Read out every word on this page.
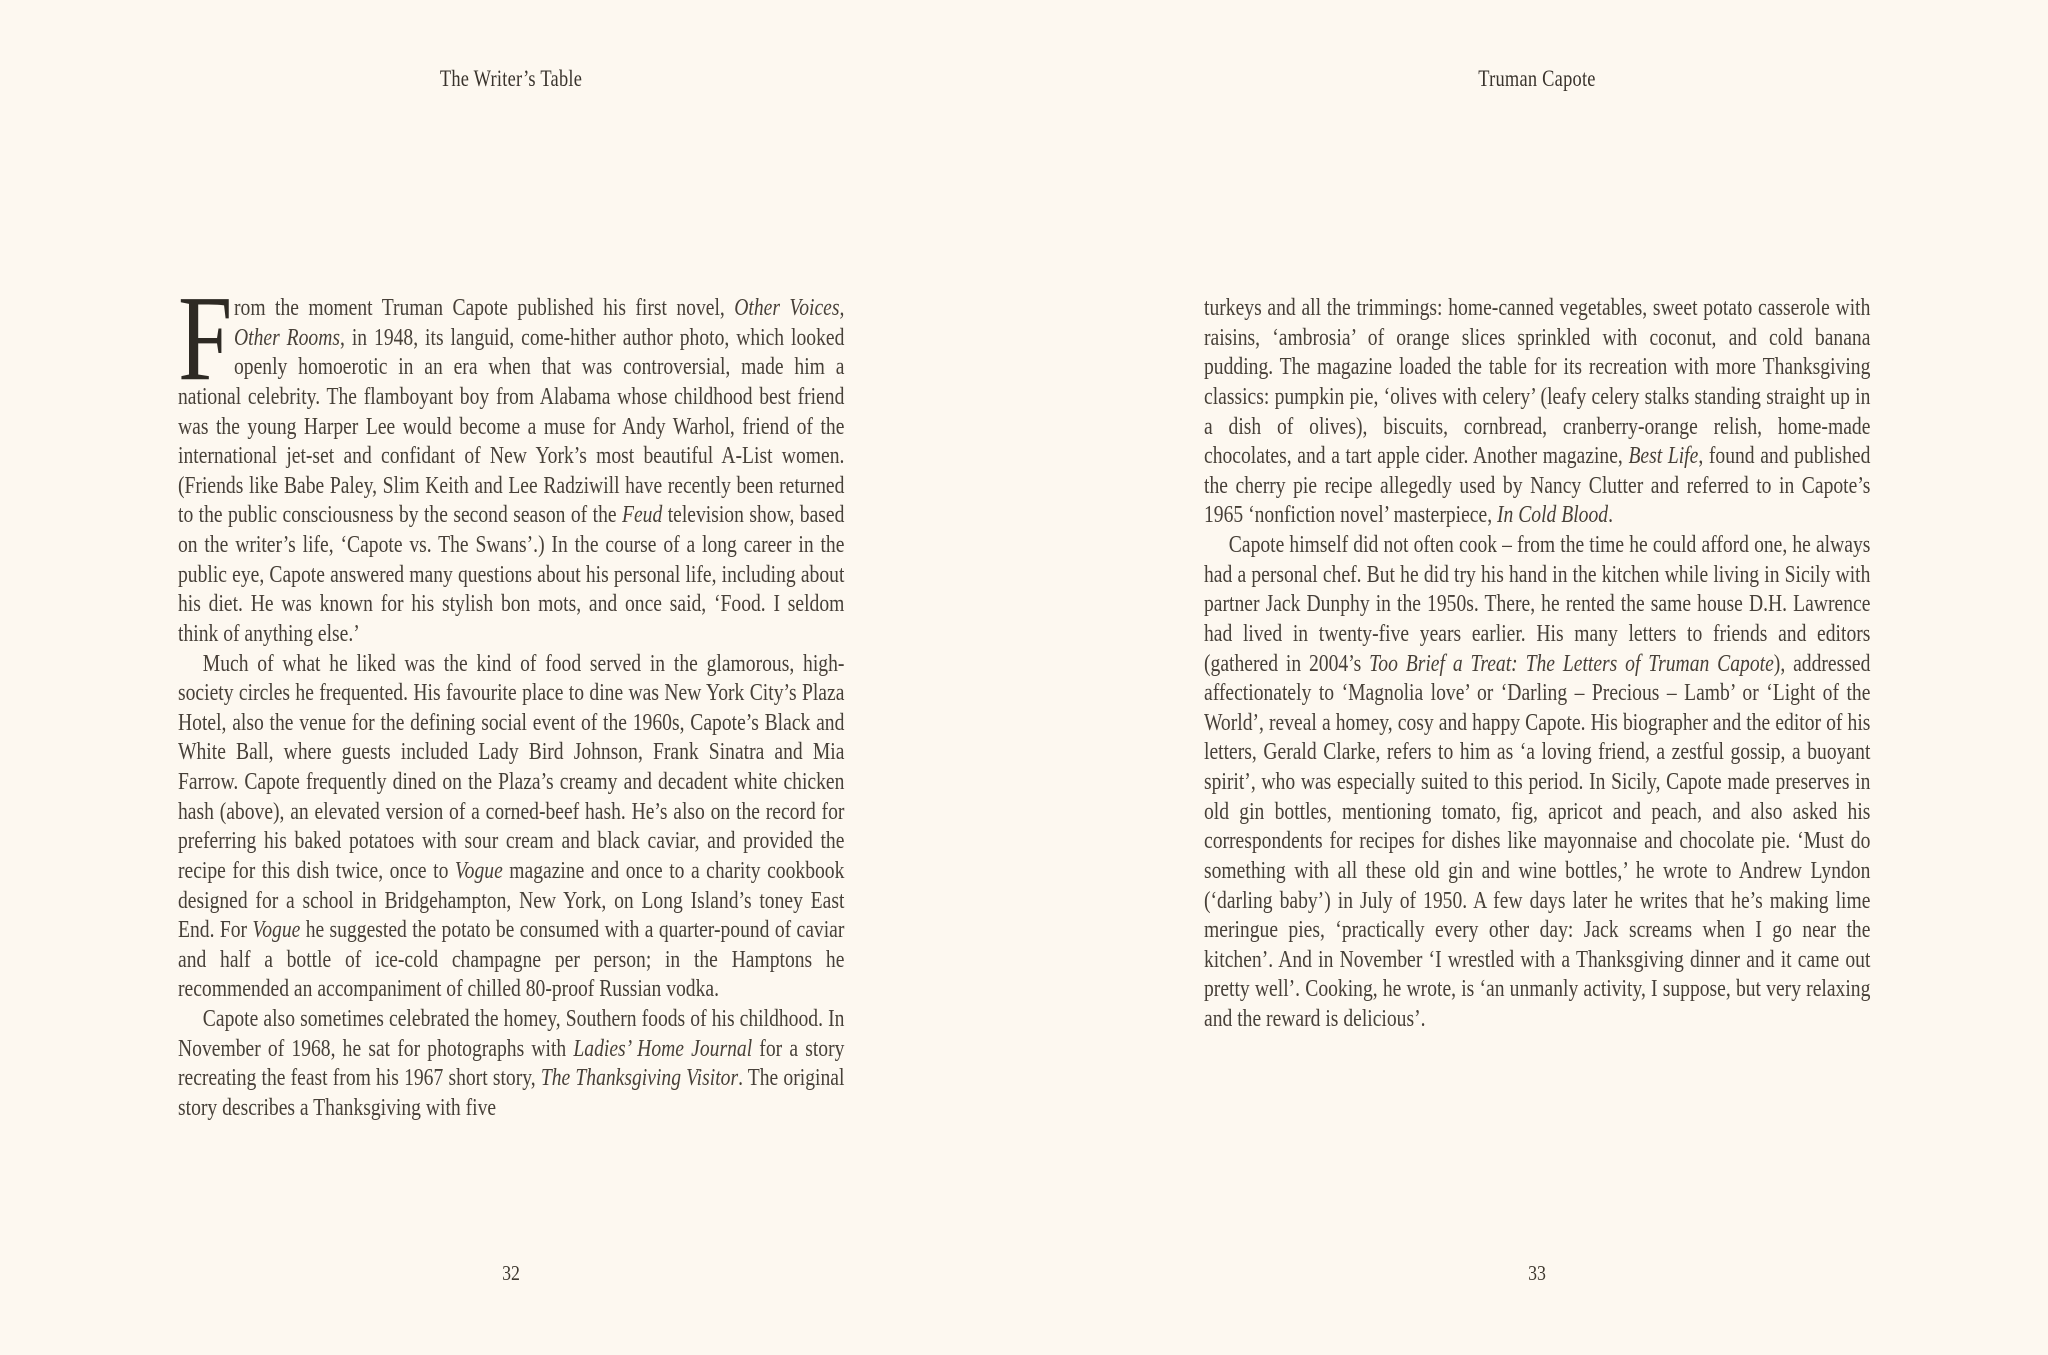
The Writer’s Table	Truman Capote

From the moment Truman Capote published his first novel, Other Voices, Other Rooms, in 1948, its languid, come-hither author photo, which looked openly homoerotic in an era when that was controversial, made him a national celebrity. The flamboyant boy from Alabama whose childhood best friend was the young Harper Lee would become a muse for Andy Warhol, friend of the international jet-set and confidant of New York’s most beautiful A-List women. (Friends like Babe Paley, Slim Keith and Lee Radziwill have recently been returned to the public consciousness by the second season of the Feud television show, based on the writer’s life, ‘Capote vs. The Swans’.) In the course of a long career in the public eye, Capote answered many questions about his personal life, including about his diet. He was known for his stylish bon mots, and once said, ‘Food. I seldom think of anything else.’

Much of what he liked was the kind of food served in the glamorous, high-society circles he frequented. His favourite place to dine was New York City’s Plaza Hotel, also the venue for the defining social event of the 1960s, Capote’s Black and White Ball, where guests included Lady Bird Johnson, Frank Sinatra and Mia Farrow. Capote frequently dined on the Plaza’s creamy and decadent white chicken hash (above), an elevated version of a corned-beef hash. He’s also on the record for preferring his baked potatoes with sour cream and black caviar, and provided the recipe for this dish twice, once to Vogue magazine and once to a charity cookbook designed for a school in Bridgehampton, New York, on Long Island’s toney East End. For Vogue he suggested the potato be consumed with a quarter-pound of caviar and half a bottle of ice-cold champagne per person; in the Hamptons he recommended an accompaniment of chilled 80-proof Russian vodka.

Capote also sometimes celebrated the homey, Southern foods of his childhood. In November of 1968, he sat for photographs with Ladies’ Home Journal for a story recreating the feast from his 1967 short story, The Thanksgiving Visitor. The original story describes a Thanksgiving with five

turkeys and all the trimmings: home-canned vegetables, sweet potato casserole with raisins, ‘ambrosia’ of orange slices sprinkled with coconut, and cold banana pudding. The magazine loaded the table for its recreation with more Thanksgiving classics: pumpkin pie, ‘olives with celery’ (leafy celery stalks standing straight up in a dish of olives), biscuits, cornbread, cranberry-orange relish, home-made chocolates, and a tart apple cider. Another magazine, Best Life, found and published the cherry pie recipe allegedly used by Nancy Clutter and referred to in Capote’s 1965 ‘nonfiction novel’ masterpiece, In Cold Blood.

Capote himself did not often cook – from the time he could afford one, he always had a personal chef. But he did try his hand in the kitchen while living in Sicily with partner Jack Dunphy in the 1950s. There, he rented the same house D.H. Lawrence had lived in twenty-five years earlier. His many letters to friends and editors (gathered in 2004’s Too Brief a Treat: The Letters of Truman Capote), addressed affectionately to ‘Magnolia love’ or ‘Darling – Precious – Lamb’ or ‘Light of the World’, reveal a homey, cosy and happy Capote. His biographer and the editor of his letters, Gerald Clarke, refers to him as ‘a loving friend, a zestful gossip, a buoyant spirit’, who was especially suited to this period. In Sicily, Capote made preserves in old gin bottles, mentioning tomato, fig, apricot and peach, and also asked his correspondents for recipes for dishes like mayonnaise and chocolate pie. ‘Must do something with all these old gin and wine bottles,’ he wrote to Andrew Lyndon (‘darling baby’) in July of 1950. A few days later he writes that he’s making lime meringue pies, ‘practically every other day: Jack screams when I go near the kitchen’. And in November ‘I wrestled with a Thanksgiving dinner and it came out pretty well’. Cooking, he wrote, is ‘an unmanly activity, I suppose, but very relaxing and the reward is delicious’.

32	33
